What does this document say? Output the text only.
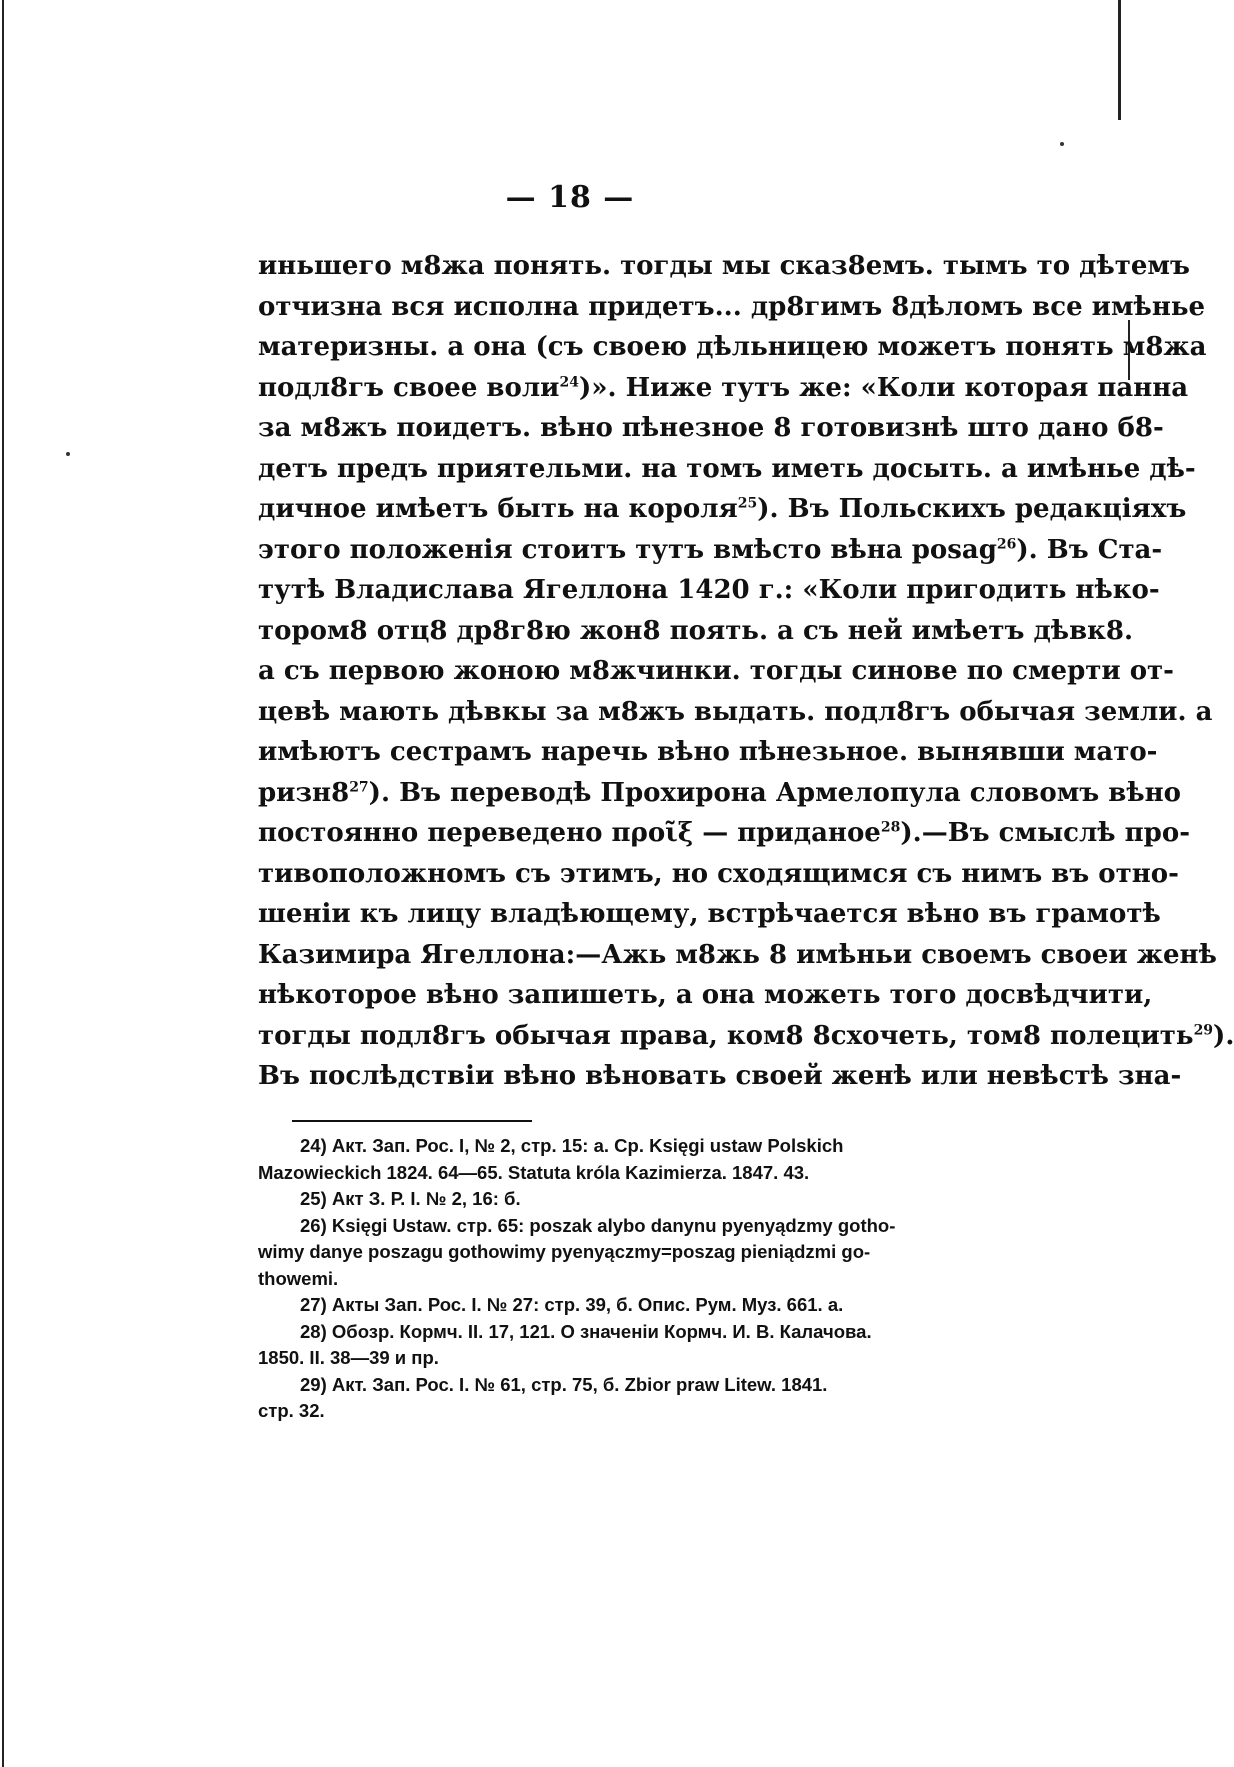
— 18 —
иньшего м8жа понять. тогды мы сказ8емъ. тымъ то дѣтемъ
отчизна вся исполна придетъ... др8гимъ 8дѣломъ все имѣнье
материзны. а она (съ своею дѣльницею можетъ понять м8жа
подл8гъ своее воли$^{24}$)». Ниже тутъ же: «Коли которая панна
за м8жъ поидетъ. вѣно пѣнезное 8 готовизнѣ што дано б8-
детъ предъ приятельми. на томъ иметь досыть. а имѣнье дѣ-
дичное имѣетъ быть на короля$^{25}$). Въ Польскихъ редакціяхъ
этого положенія стоитъ тутъ вмѣсто вѣна posag$^{26}$). Въ Ста-
тутѣ Владислава Ягеллона 1420 г.: «Коли пригодить нѣко-
тором8 отц8 др8г8ю жон8 поять. а съ ней имѣетъ дѣвк8.
а съ первою жоною м8жчинки. тогды синове по смерти от-
цевѣ мають дѣвкы за м8жъ выдать. подл8гъ обычая земли. а
имѣютъ сестрамъ наречь вѣно пѣнезьное. вынявши мато-
$ризн8^{27}$). Въ переводѣ Прохирона Армелопула словомъ вѣно
постоянно переведено προῖξ — приданое$^{28}$).—Въ смыслѣ про-
тивоположномъ съ этимъ, но сходящимся съ нимъ въ отно-
шеніи къ лицу владѣющему, встрѣчается вѣно въ грамотѣ
Казимира Ягеллона:—Ажь м8жь 8 имѣньи своемъ своеи женѣ
нѣкоторое вѣно запишеть, а она можеть того досвѣдчити,
тогды подл8гъ обычая права, ком8 8схочеть, том8 полецить$^{29}$).
Въ послѣдствіи вѣно вѣновать своей женѣ или невѣстѣ зна-
24) Акт. Зап. Рос. I, № 2, стр. 15: а. Ср. Księgi ustaw Polskich
Mazowieckich 1824. 64—65. Statuta króla Kazimierza. 1847. 43.
25) Акт З. Р. I. № 2, 16: б.
26) Księgi Ustaw. стр. 65: poszak alybo danynu pyenyądzmy gotho-
wimy danye poszagu gothowimy pyenyączmy=poszag pieniądzmi go-
thowemi.
27) Акты Зап. Рос. I. № 27: стр. 39, б. Опис. Рум. Муз. 661. а.
28) Обозр. Кормч. II. 17, 121. О значеніи Кормч. И. В. Калачова.
1850. II. 38—39 и пр.
29) Акт. Зап. Рос. I. № 61, стр. 75, б. Zbior praw Litew. 1841.
стр. 32.
